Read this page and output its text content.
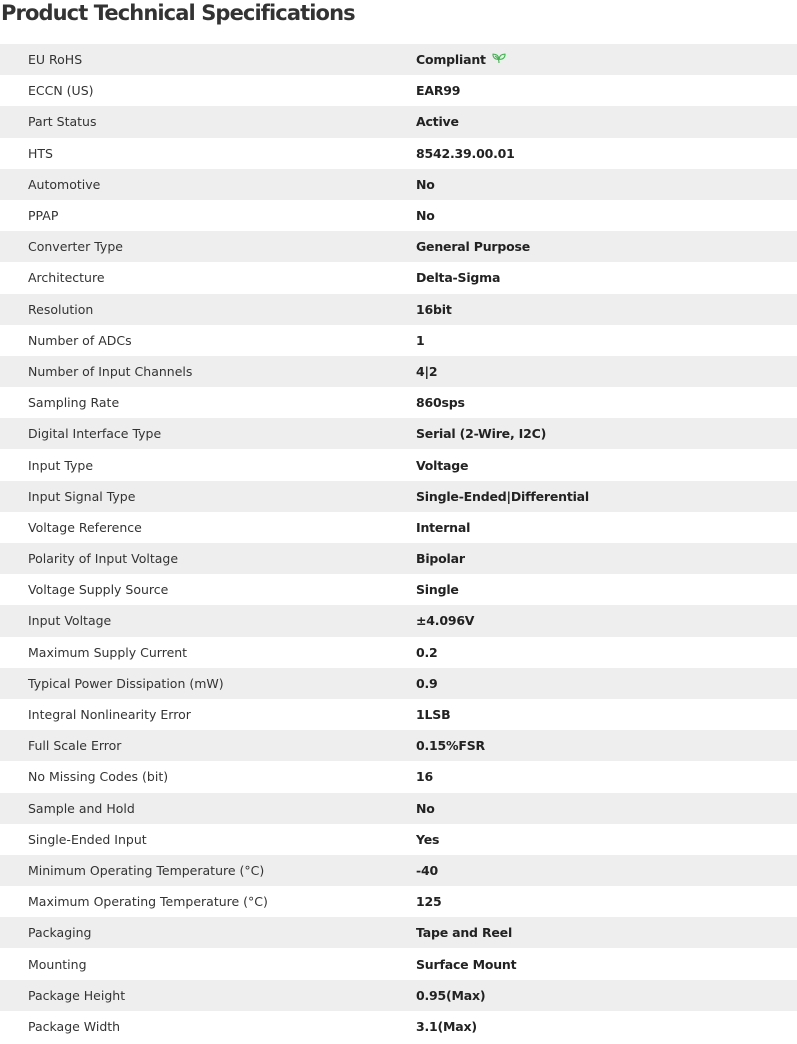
Product Technical Specifications
EU RoHS	Compliant
ECCN (US)	EAR99
Part Status	Active
HTS	8542.39.00.01
Automotive	No
PPAP	No
Converter Type	General Purpose
Architecture	Delta-Sigma
Resolution	16bit
Number of ADCs	1
Number of Input Channels	4|2
Sampling Rate	860sps
Digital Interface Type	Serial (2-Wire, I2C)
Input Type	Voltage
Input Signal Type	Single-Ended|Differential
Voltage Reference	Internal
Polarity of Input Voltage	Bipolar
Voltage Supply Source	Single
Input Voltage	±4.096V
Maximum Supply Current	0.2
Typical Power Dissipation (mW)	0.9
Integral Nonlinearity Error	1LSB
Full Scale Error	0.15%FSR
No Missing Codes (bit)	16
Sample and Hold	No
Single-Ended Input	Yes
Minimum Operating Temperature (°C)	-40
Maximum Operating Temperature (°C)	125
Packaging	Tape and Reel
Mounting	Surface Mount
Package Height	0.95(Max)
Package Width	3.1(Max)
